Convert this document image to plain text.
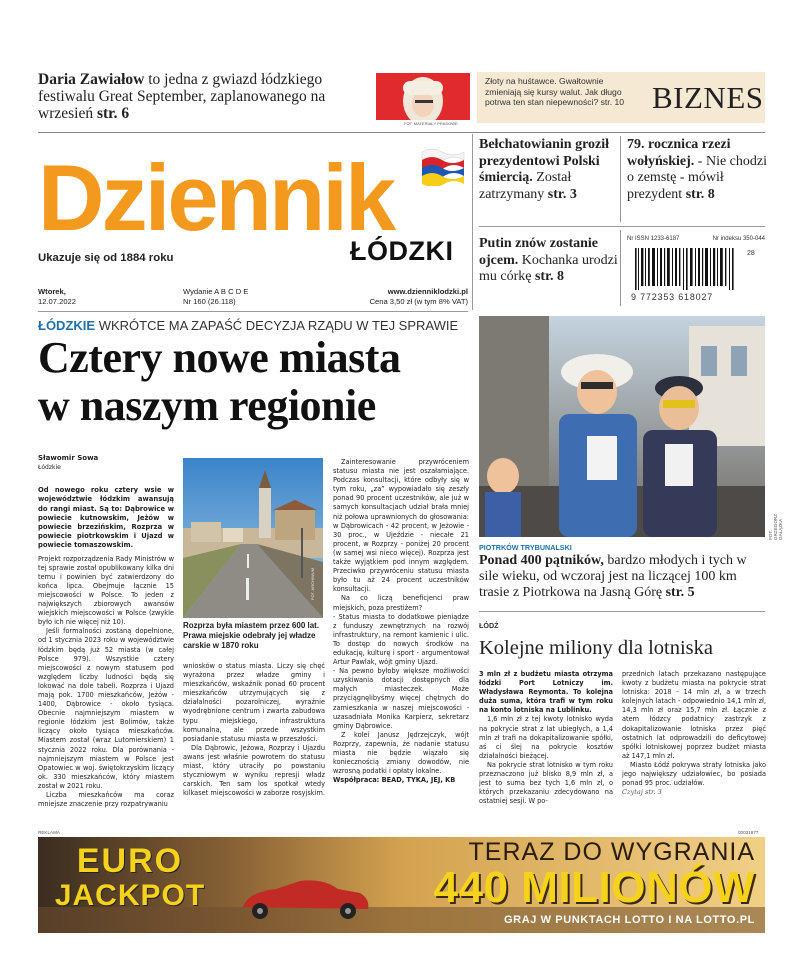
Daria Zawiałow to jedna z gwiazd łódzkiego festiwalu Great September, zaplanowanego na wrzesień str. 6
FOT. MATERIAŁY PRASOWE
Złoty na huśtawce. Gwałtownie zmieniają się kursy walut. Jak długo potrwa ten stan niepewności? str. 10 BIZNES
Dziennik
ŁÓDZKI
Ukazuje się od 1884 roku
Wtorek,
12.07.2022
Wydanie A B C D E
Nr 160 (26.118)
www.dzienniklodzki.pl
Cena 3,50 zł (w tym 8% VAT)
Bełchatowianin groził prezydentowi Polski śmiercią. Został zatrzymany str. 3
79. rocznica rzezi wołyńskiej. - Nie chodzi o zemstę - mówił prezydent str. 8
Putin znów zostanie ojcem. Kochanka urodzi mu córkę str. 8
Nr ISSN 1233-6187	Nr indeksu 350-044
28
9 772353 618027
ŁÓDZKIE WKRÓTCE MA ZAPAŚĆ DECYZJA RZĄDU W TEJ SPRAWIE
Cztery nowe miasta
w naszym regionie
Sławomir Sowa
Łódzkie

Od nowego roku cztery wsie w województwie łódzkim awansują do rangi miast. Są to: Dąbrowice w powiecie kutnowskim, Jeżów w powiecie brzezińskim, Rozprza w powiecie piotrkowskim i Ujazd w powiecie tomaszowskim.

Projekt rozporządzenia Rady Ministrów w tej sprawie został opublikowany kilka dni temu i powinien być zatwierdzony do końca lipca. Obejmuje łącznie 15 miejscowości w Polsce. To jeden z największych zbiorowych awansów wiejskich miejscowości w Polsce (zwykle było ich nie więcej niż 10).

Jeśli formalności zostaną dopełnione, od 1 stycznia 2023 roku w województwie łódzkim będą już 52 miasta (w całej Polsce 979). Wszystkie cztery miejscowości z nowym statusem pod względem liczby ludności będą się lokować na dole tabeli. Rozprza i Ujazd mają pok. 1700 mieszkańców, Jeżów - 1400, Dąbrowice - około tysiąca. Obecnie najmniejszym miastem w regionie łódzkim jest Bolimów, także liczący około tysiąca mieszkańców. Miastem został (wraz Lutomierskiem) 1 stycznia 2022 roku. Dla porównania - najmniejszym miastem w Polsce jest Opatowiec w woj. świętokrzyskim liczący ok. 330 mieszkańców, który miastem został w 2021 roku.

Liczba mieszkańców ma coraz mniejsze znaczenie przy rozpatrywaniu

FOT. ARCHIWUM
Rozprza była miastem przez 600 lat. Prawa miejskie odebrały jej władze carskie w 1870 roku

wniosków o status miasta. Liczy się chęć wyrażona przez władze gminy i mieszkańców, wskaźnik ponad 60 procent mieszkańców utrzymujących się z działalności pozarolniczej, wyraźnie wyodrębnione centrum i zwarta zabudowa typu miejskiego, infrastruktura komunalna, ale przede wszystkim posiadanie statusu miasta w przeszłości.

Dla Dąbrowic, Jeżowa, Rozprzy i Ujazdu awans jest właśnie powrotem do statusu miast, który utraciły po powstaniu styczniowym w wyniku represji władz carskich. Ten sam los spotkał wtedy kilkaset miejscowości w zaborze rosyjskim.

Zainteresowanie przywróceniem statusu miasta nie jest oszałamiające. Podczas konsultacji, które odbyły się w tym roku, „za” wypowiadało się zeszły ponad 90 procent uczestników, ale już w samych konsultacjach udział brała mniej niż połowa uprawnionych do głosowania: w Dąbrowicach - 42 procent, w Jeżowie - 30 proc., w Ujeździe - niecałe 21 procent, w Rozprzy - poniżej 20 procent (w samej wsi nieco więcej). Rozprza jest także wyjątkiem pod innym względem. Przeciwko przywróceniu statusu miasta było tu aż 24 procent uczestników konsultacji.

Na co liczą beneficjenci praw miejskich, poza prestiżem?

- Status miasta to dodatkowe pieniądze z funduszy zewnętrznych na rozwój infrastruktury, na remont kamienic i ulic. To dostęp do nowych środków na edukację, kulturę i sport - argumentował Artur Pawlak, wójt gminy Ujazd.

- Na pewno byłoby większe możliwości uzyskiwania dotacji dostępnych dla małych miasteczek. Może przyciągnęlibyśmy więcej chętnych do zamieszkania w naszej miejscowości - uzasadniała Monika Karpierz, sekretarz gminy Dąbrowice.

Z kolei Janusz Jędrzejczyk, wójt Rozprzy, zapewnia, że nadanie statusu miasta nie będzie wiązało się koniecznością zmiany dowodów, nie wzrosną podatki i opłaty lokalne.

Współpraca: BEAD, TYKA, JEJ, KB

FOT. GRZEGORZ GAŁĄZKA
PIOTRKÓW TRYBUNALSKI
Ponad 400 pątników, bardzo młodych i tych w sile wieku, od wczoraj jest na liczącej 100 km trasie z Piotrkowa na Jasną Górę str. 5
ŁÓDŹ
Kolejne miliony dla lotniska

3 mln zł z budżetu miasta otrzyma łódzki Port Lotniczy im. Władysława Reymonta. To kolejna duża suma, która trafi w tym roku na konto lotniska na Lublinku.

1,6 mln zł z tej kwoty lotnisko wyda na pokrycie strat z lat ubiegłych, a 1,4 mln zł trafi na dokapitalizowanie spółki, aś ci ślej na pokrycie kosztów działalności bieżącej.

Na pokrycie strat lotnisko w tym roku przeznaczono już blisko 8,9 mln zł, a jest to suma bez tych 1,6 mln zł, o których przekazaniu zdecydowano na ostatniej sesji. W po-

przednich latach przekazano następujące kwoty z budżetu miasta na pokrycie strat lotniska: 2018 - 14 mln zł, a w trzech kolejnych latach - odpowiednio 14,1 mln zł, 14,3 mln zł oraz 15,7 mln zł. Łącznie z atem łódzcy podatnicy zastrzyk z dokapitalizowanie lotniska przez pięć ostatnich lat odprowadzili do deficytowej spółki lotniskowej poprzez budżet miasta aż 147,1 mln zł.

Miasto Łódź pokrywa straty lotniska jako jego największy udziałowiec, bo posiada ponad 95 proc. udziałów.

Czytaj str. 3

REKLAMA	00031677
EURO
JACKPOT
TERAZ DO WYGRANIA
440 MILIONÓW
GRAJ W PUNKTACH LOTTO I NA LOTTO.PL
